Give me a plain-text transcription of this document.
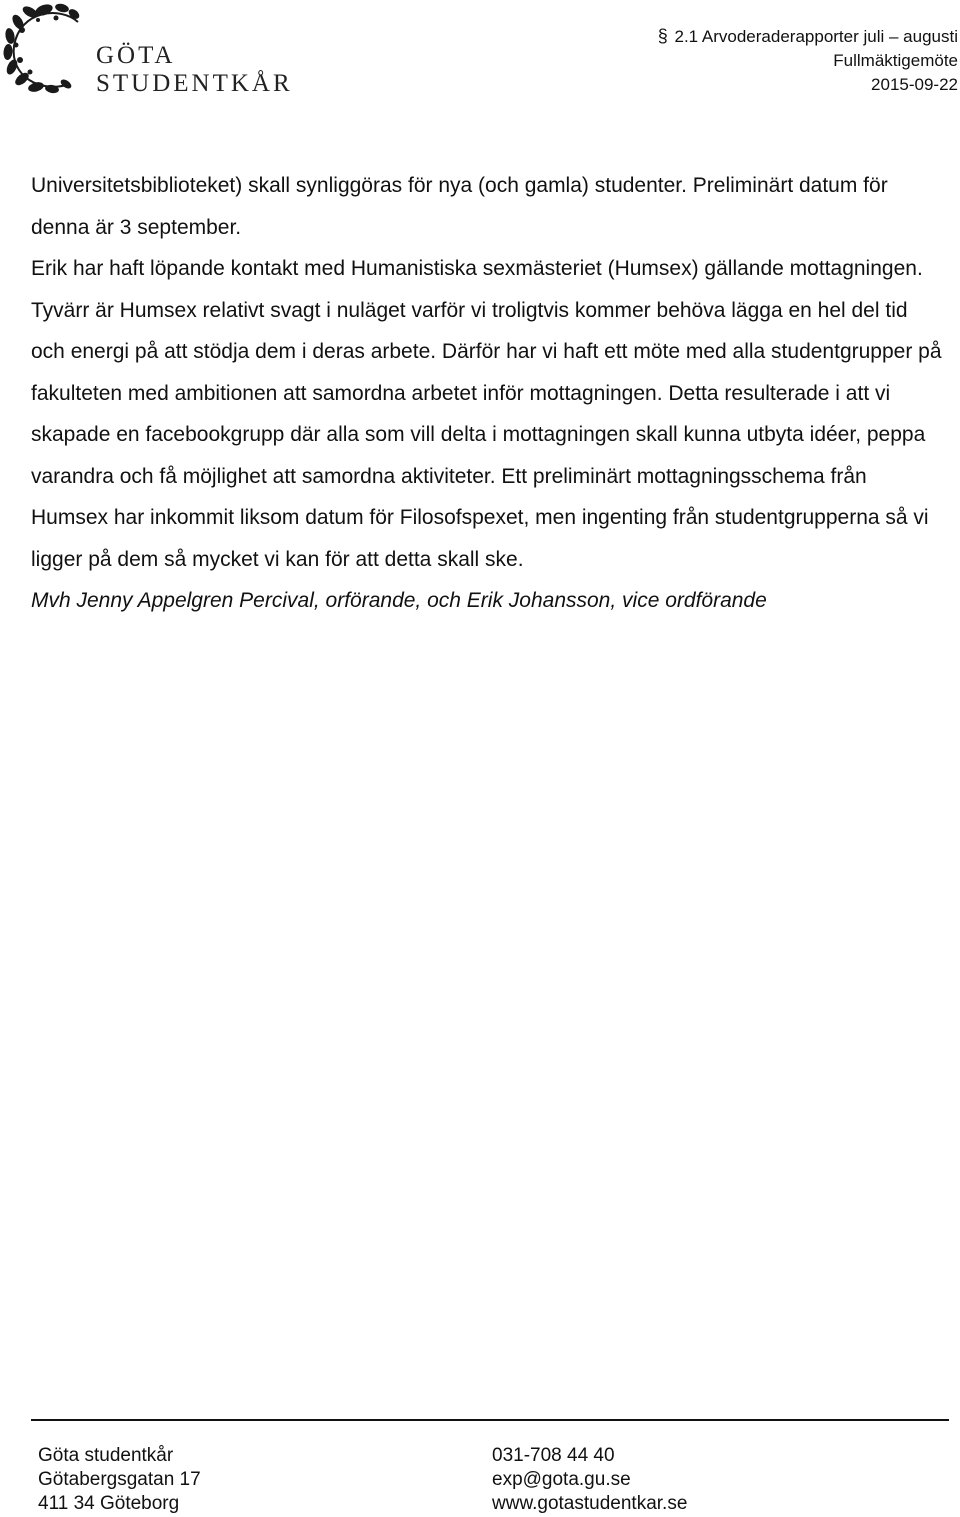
GÖTA
STUDENTKÅR
§ 2.1 Arvoderaderapporter juli – augusti
Fullmäktigemöte
2015-09-22

Universitetsbiblioteket) skall synliggöras för nya (och gamla) studenter. Preliminärt datum för denna är 3 september.

Erik har haft löpande kontakt med Humanistiska sexmästeriet (Humsex) gällande mottagningen. Tyvärr är Humsex relativt svagt i nuläget varför vi troligtvis kommer behöva lägga en hel del tid och energi på att stödja dem i deras arbete. Därför har vi haft ett möte med alla studentgrupper på fakulteten med ambitionen att samordna arbetet inför mottagningen. Detta resulterade i att vi skapade en facebookgrupp där alla som vill delta i mottagningen skall kunna utbyta idéer, peppa varandra och få möjlighet att samordna aktiviteter. Ett preliminärt mottagningsschema från Humsex har inkommit liksom datum för Filosofspexet, men ingenting från studentgrupperna så vi ligger på dem så mycket vi kan för att detta skall ske.

Mvh Jenny Appelgren Percival, orförande, och Erik Johansson, vice ordförande

Göta studentkår
Götabergsgatan 17
411 34 Göteborg
031-708 44 40
exp@gota.gu.se
www.gotastudentkar.se
